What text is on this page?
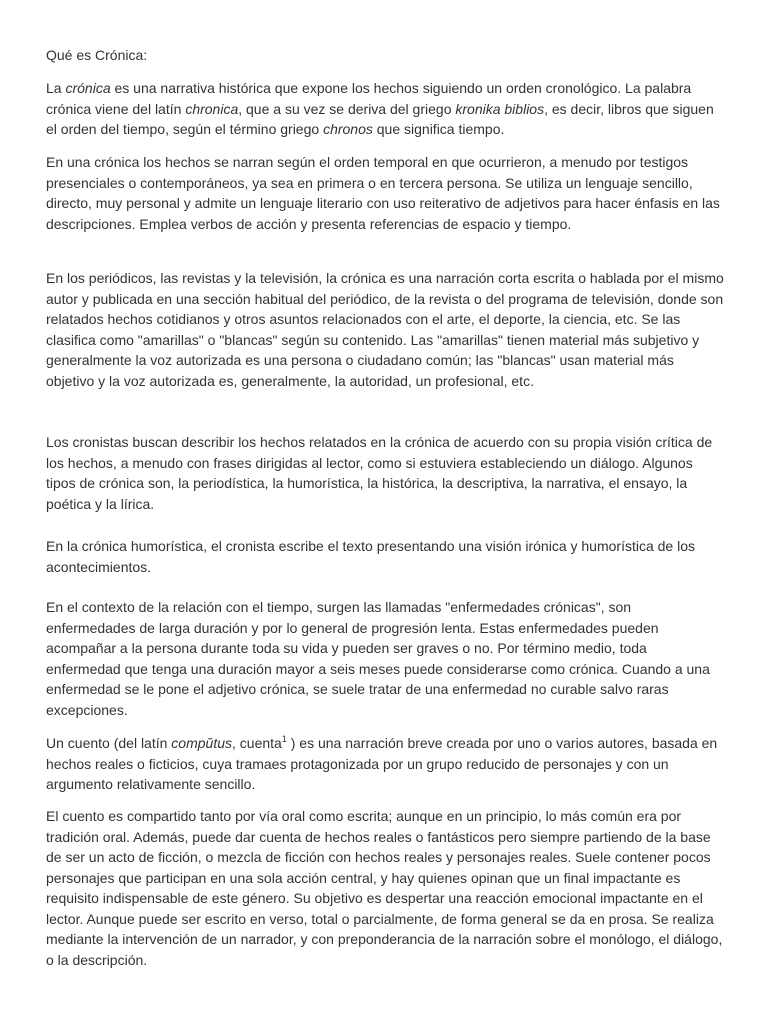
Qué es Crónica:

La crónica es una narrativa histórica que expone los hechos siguiendo un orden cronológico. La palabra crónica viene del latín chronica, que a su vez se deriva del griego kronika biblios, es decir, libros que siguen el orden del tiempo, según el término griego chronos que significa tiempo.

En una crónica los hechos se narran según el orden temporal en que ocurrieron, a menudo por testigos presenciales o contemporáneos, ya sea en primera o en tercera persona. Se utiliza un lenguaje sencillo, directo, muy personal y admite un lenguaje literario con uso reiterativo de adjetivos para hacer énfasis en las descripciones. Emplea verbos de acción y presenta referencias de espacio y tiempo.

En los periódicos, las revistas y la televisión, la crónica es una narración corta escrita o hablada por el mismo autor y publicada en una sección habitual del periódico, de la revista o del programa de televisión, donde son relatados hechos cotidianos y otros asuntos relacionados con el arte, el deporte, la ciencia, etc. Se las clasifica como "amarillas" o "blancas" según su contenido. Las "amarillas" tienen material más subjetivo y generalmente la voz autorizada es una persona o ciudadano común; las "blancas" usan material más objetivo y la voz autorizada es, generalmente, la autoridad, un profesional, etc.

Los cronistas buscan describir los hechos relatados en la crónica de acuerdo con su propia visión crítica de los hechos, a menudo con frases dirigidas al lector, como si estuviera estableciendo un diálogo. Algunos tipos de crónica son, la periodística, la humorística, la histórica, la descriptiva, la narrativa, el ensayo, la poética y la lírica.

En la crónica humorística, el cronista escribe el texto presentando una visión irónica y humorística de los acontecimientos.

En el contexto de la relación con el tiempo, surgen las llamadas "enfermedades crónicas", son enfermedades de larga duración y por lo general de progresión lenta. Estas enfermedades pueden acompañar a la persona durante toda su vida y pueden ser graves o no. Por término medio, toda enfermedad que tenga una duración mayor a seis meses puede considerarse como crónica. Cuando a una enfermedad se le pone el adjetivo crónica, se suele tratar de una enfermedad no curable salvo raras excepciones.

Un cuento (del latín compŭtus, cuenta$^1$ ) es una narración breve creada por uno o varios autores, basada en hechos reales o ficticios, cuya tramaes protagonizada por un grupo reducido de personajes y con un argumento relativamente sencillo.

El cuento es compartido tanto por vía oral como escrita; aunque en un principio, lo más común era por tradición oral. Además, puede dar cuenta de hechos reales o fantásticos pero siempre partiendo de la base de ser un acto de ficción, o mezcla de ficción con hechos reales y personajes reales. Suele contener pocos personajes que participan en una sola acción central, y hay quienes opinan que un final impactante es requisito indispensable de este género. Su objetivo es despertar una reacción emocional impactante en el lector. Aunque puede ser escrito en verso, total o parcialmente, de forma general se da en prosa. Se realiza mediante la intervención de un narrador, y con preponderancia de la narración sobre el monólogo, el diálogo, o la descripción.
